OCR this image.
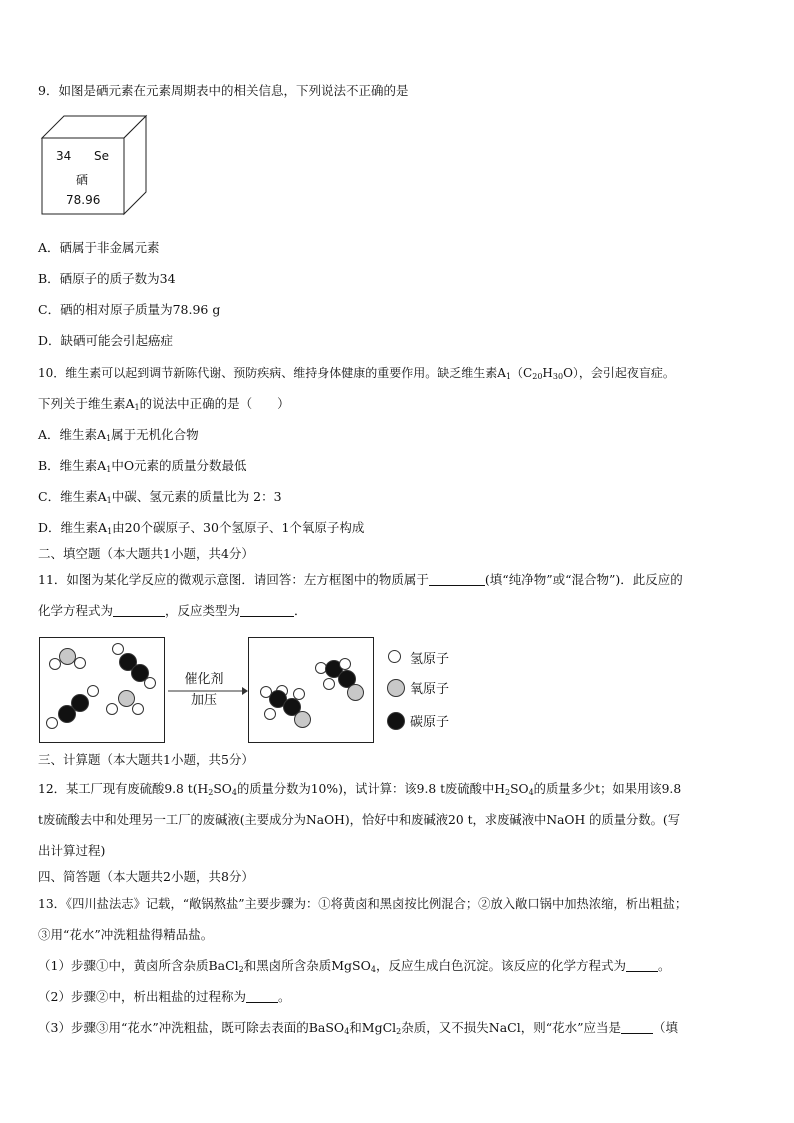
9．如图是硒元素在元素周期表中的相关信息，下列说法不正确的是
34 Se
硒
78.96
A．硒属于非金属元素
B．硒原子的质子数为34
C．硒的相对原子质量为78.96 g
D．缺硒可能会引起癌症
10．维生素可以起到调节新陈代谢、预防疾病、维持身体健康的重要作用。缺乏维生素$A_1(C_{20}H_{30}O)$，会引起夜盲症。
下列关于维生素$A_1$的说法中正确的是（　　）
A．维生素$A_1$属于无机化合物
B．维生素$A_1$中O元素的质量分数最低
C．维生素$A_1$中碳、氢元素的质量比为 2：3
D．维生素$A_1$由20个碳原子、30个氢原子、1个氧原子构成
二、填空题（本大题共1小题，共4分）
11．如图为某化学反应的微观示意图．请回答：左方框图中的物质属于	(填“纯净物”或“混合物”)．此反应的
化学方程式为	，反应类型为	．
催化剂
加压
氢原子
氧原子
碳原子
三、计算题（本大题共1小题，共5分）
12．某工厂现有废硫酸9.8 $t(H_2SO_4$的质量分数为10%)，试计算：该9.8 t废硫酸中$H_2SO_4$的质量多少t；如果用该9.8
t废硫酸去中和处理另一工厂的废碱液(主要成分为NaOH)，恰好中和废碱液20 t，求废碱液中NaOH 的质量分数。(写
出计算过程)
四、简答题（本大题共2小题，共8分）
13．《四川盐法志》记载，“敞锅熬盐”主要步骤为：①将黄卤和黑卤按比例混合；②放入敞口锅中加热浓缩，析出粗盐；
③用“花水”冲洗粗盐得精品盐。
（1）步骤①中，黄卤所含杂质BaCl$_2$和黑卤所含杂质MgSO$_4$，反应生成白色沉淀。该反应的化学方程式为	。
（2）步骤②中，析出粗盐的过程称为	。
（3）步骤③用“花水”冲洗粗盐，既可除去表面的BaSO$_4$和MgCl$_2$杂质，又不损失NaCl，则“花水”应当是	（填
